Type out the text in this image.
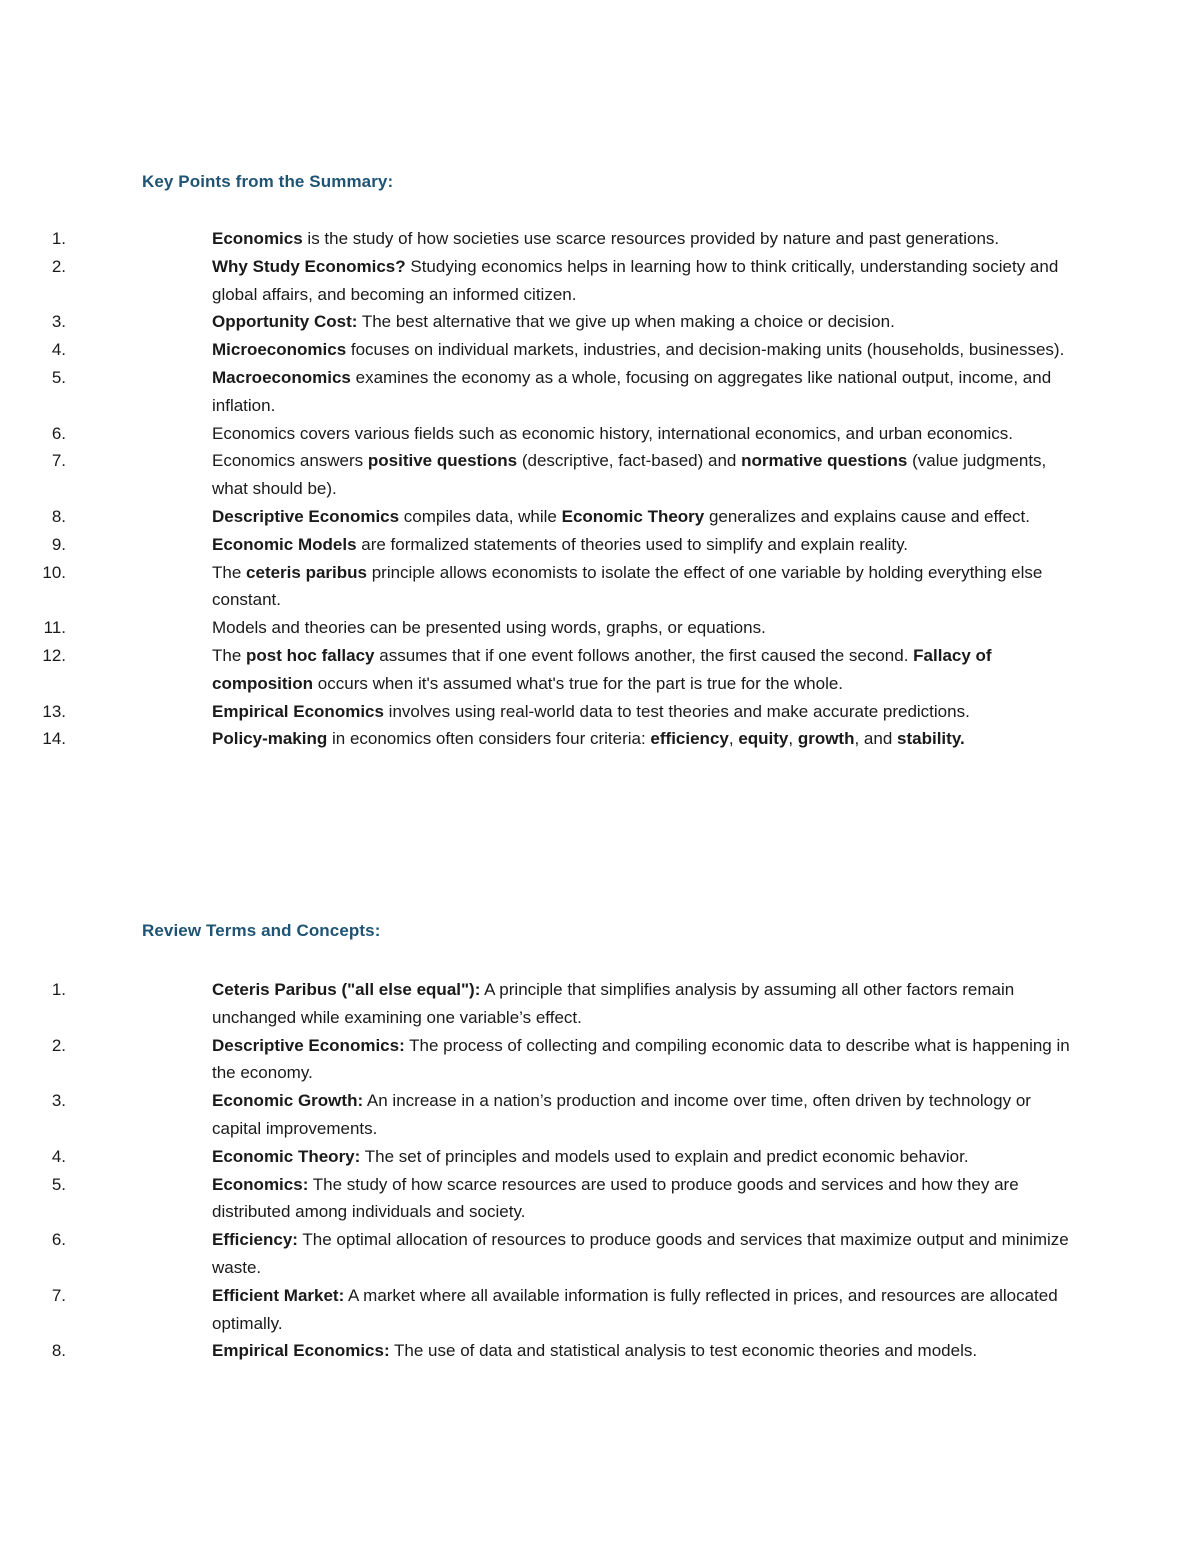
Key Points from the Summary:
1.	Economics is the study of how societies use scarce resources provided by nature and past generations.
2.	Why Study Economics? Studying economics helps in learning how to think critically, understanding society and global affairs, and becoming an informed citizen.
3.	Opportunity Cost: The best alternative that we give up when making a choice or decision.
4.	Microeconomics focuses on individual markets, industries, and decision-making units (households, businesses).
5.	Macroeconomics examines the economy as a whole, focusing on aggregates like national output, income, and inflation.
6.	Economics covers various fields such as economic history, international economics, and urban economics.
7.	Economics answers positive questions (descriptive, fact-based) and normative questions (value judgments, what should be).
8.	Descriptive Economics compiles data, while Economic Theory generalizes and explains cause and effect.
9.	Economic Models are formalized statements of theories used to simplify and explain reality.
10.	The ceteris paribus principle allows economists to isolate the effect of one variable by holding everything else constant.
11.	Models and theories can be presented using words, graphs, or equations.
12.	The post hoc fallacy assumes that if one event follows another, the first caused the second. Fallacy of composition occurs when it's assumed what's true for the part is true for the whole.
13.	Empirical Economics involves using real-world data to test theories and make accurate predictions.
14.	Policy-making in economics often considers four criteria: efficiency, equity, growth, and stability.
Review Terms and Concepts:
1.	Ceteris Paribus ("all else equal"): A principle that simplifies analysis by assuming all other factors remain unchanged while examining one variable’s effect.
2.	Descriptive Economics: The process of collecting and compiling economic data to describe what is happening in the economy.
3.	Economic Growth: An increase in a nation’s production and income over time, often driven by technology or capital improvements.
4.	Economic Theory: The set of principles and models used to explain and predict economic behavior.
5.	Economics: The study of how scarce resources are used to produce goods and services and how they are distributed among individuals and society.
6.	Efficiency: The optimal allocation of resources to produce goods and services that maximize output and minimize waste.
7.	Efficient Market: A market where all available information is fully reflected in prices, and resources are allocated optimally.
8.	Empirical Economics: The use of data and statistical analysis to test economic theories and models.
